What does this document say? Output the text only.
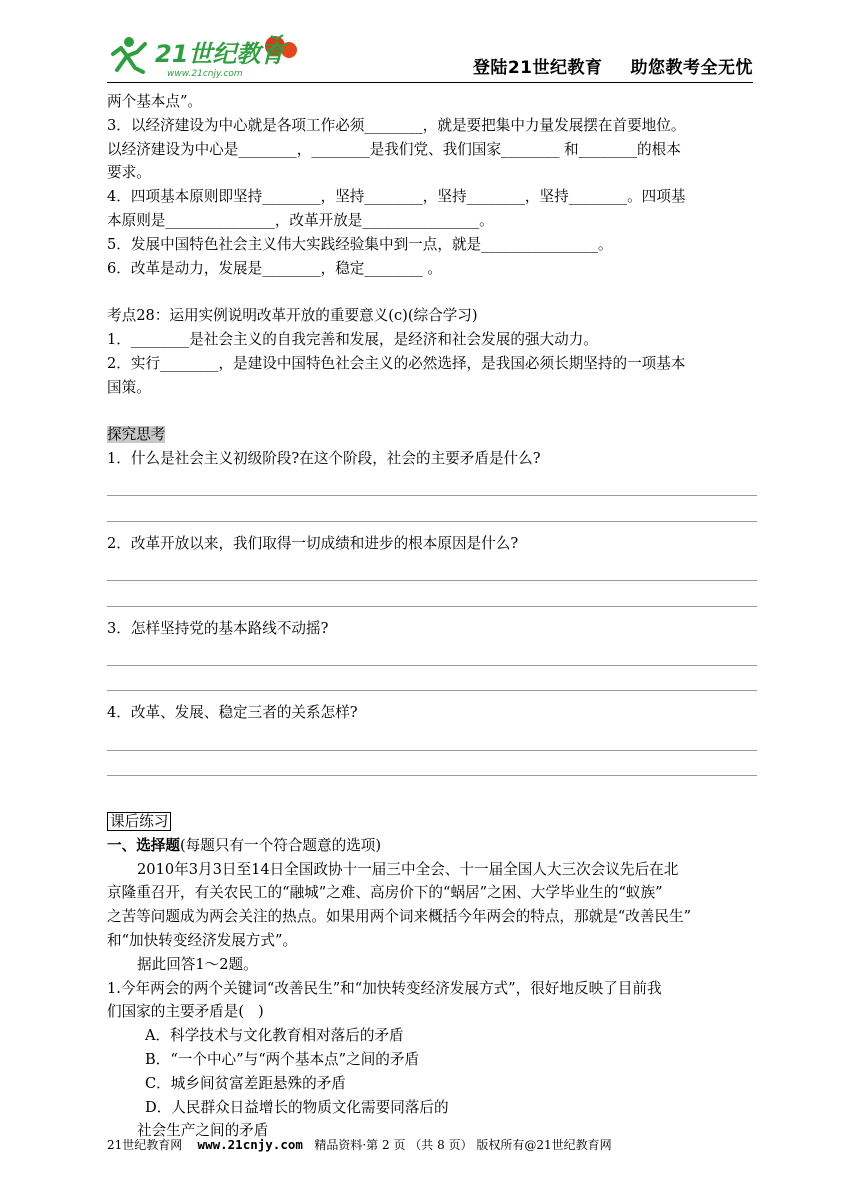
21世纪教育
www.21cnjy.com	登陆21世纪教育 助您教考全无忧
两个基本点”。
3．以经济建设为中心就是各项工作必须________，就是要把集中力量发展摆在首要地位。
以经济建设为中心是________，________是我们党、我们国家________ 和________的根本
要求。
4．四项基本原则即坚持________，坚持________，坚持________，坚持________。四项基
本原则是_______________，改革开放是________________。
5．发展中国特色社会主义伟大实践经验集中到一点，就是________________。
6．改革是动力，发展是________，稳定________ 。
考点28：运用实例说明改革开放的重要意义(c)(综合学习)
1．________是社会主义的自我完善和发展，是经济和社会发展的强大动力。
2．实行________，是建设中国特色社会主义的必然选择，是我国必须长期坚持的一项基本
国策。
探究思考
1．什么是社会主义初级阶段?在这个阶段，社会的主要矛盾是什么?
2．改革开放以来，我们取得一切成绩和进步的根本原因是什么?
3．怎样坚持党的基本路线不动摇?
4．改革、发展、稳定三者的关系怎样?
课后练习
一、选择题(每题只有一个符合题意的选项)
2010年3月3日至14日全国政协十一届三中全会、十一届全国人大三次会议先后在北
京隆重召开，有关农民工的“融城”之难、高房价下的“蜗居”之困、大学毕业生的“蚁族”
之苦等问题成为两会关注的热点。如果用两个词来概括今年两会的特点，那就是“改善民生”
和“加快转变经济发展方式”。
据此回答1～2题。
1.今年两会的两个关键词“改善民生”和“加快转变经济发展方式”，很好地反映了目前我
们国家的主要矛盾是(   )
A．科学技术与文化教育相对落后的矛盾
B．“一个中心”与“两个基本点”之间的矛盾
C．城乡间贫富差距悬殊的矛盾
D．人民群众日益增长的物质文化需要同落后的
社会生产之间的矛盾
21世纪教育网 www.21cnjy.com 精品资料·第 2 页 （共 8 页） 版权所有@21世纪教育网
